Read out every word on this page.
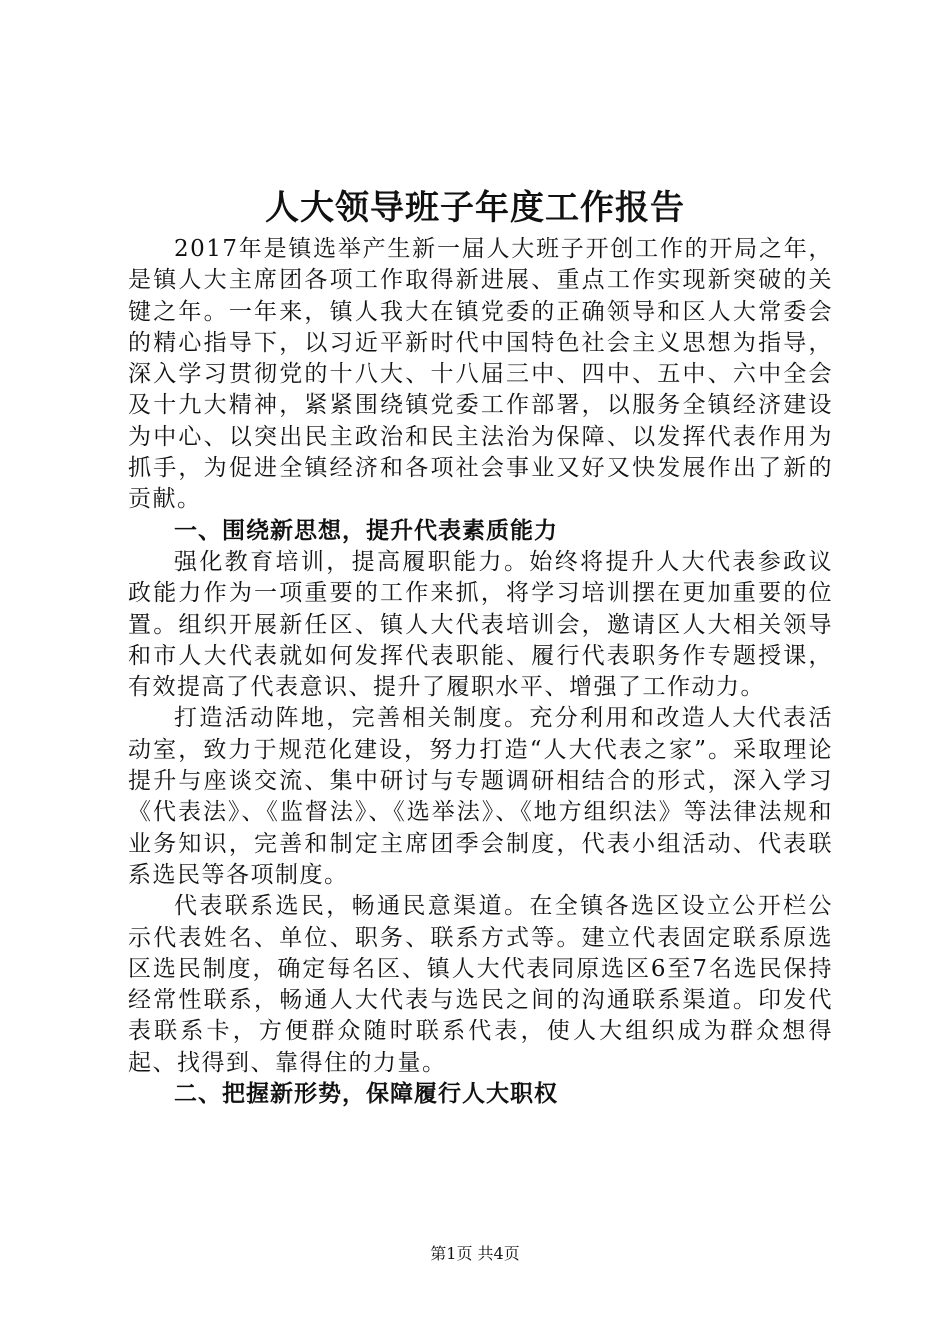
人大领导班子年度工作报告

2017年是镇选举产生新一届人大班子开创工作的开局之年，是镇人大主席团各项工作取得新进展、重点工作实现新突破的关键之年。一年来，镇人我大在镇党委的正确领导和区人大常委会的精心指导下，以习近平新时代中国特色社会主义思想为指导，深入学习贯彻党的十八大、十八届三中、四中、五中、六中全会及十九大精神，紧紧围绕镇党委工作部署，以服务全镇经济建设为中心、以突出民主政治和民主法治为保障、以发挥代表作用为抓手，为促进全镇经济和各项社会事业又好又快发展作出了新的贡献。

一、围绕新思想，提升代表素质能力

强化教育培训，提高履职能力。始终将提升人大代表参政议政能力作为一项重要的工作来抓，将学习培训摆在更加重要的位置。组织开展新任区、镇人大代表培训会，邀请区人大相关领导和市人大代表就如何发挥代表职能、履行代表职务作专题授课，有效提高了代表意识、提升了履职水平、增强了工作动力。

打造活动阵地，完善相关制度。充分利用和改造人大代表活动室，致力于规范化建设，努力打造“人大代表之家”。采取理论提升与座谈交流、集中研讨与专题调研相结合的形式，深入学习《代表法》、《监督法》、《选举法》、《地方组织法》等法律法规和业务知识，完善和制定主席团季会制度，代表小组活动、代表联系选民等各项制度。

代表联系选民，畅通民意渠道。在全镇各选区设立公开栏公示代表姓名、单位、职务、联系方式等。建立代表固定联系原选区选民制度，确定每名区、镇人大代表同原选区6至7名选民保持经常性联系，畅通人大代表与选民之间的沟通联系渠道。印发代表联系卡，方便群众随时联系代表，使人大组织成为群众想得起、找得到、靠得住的力量。

二、把握新形势，保障履行人大职权

第1页 共4页
